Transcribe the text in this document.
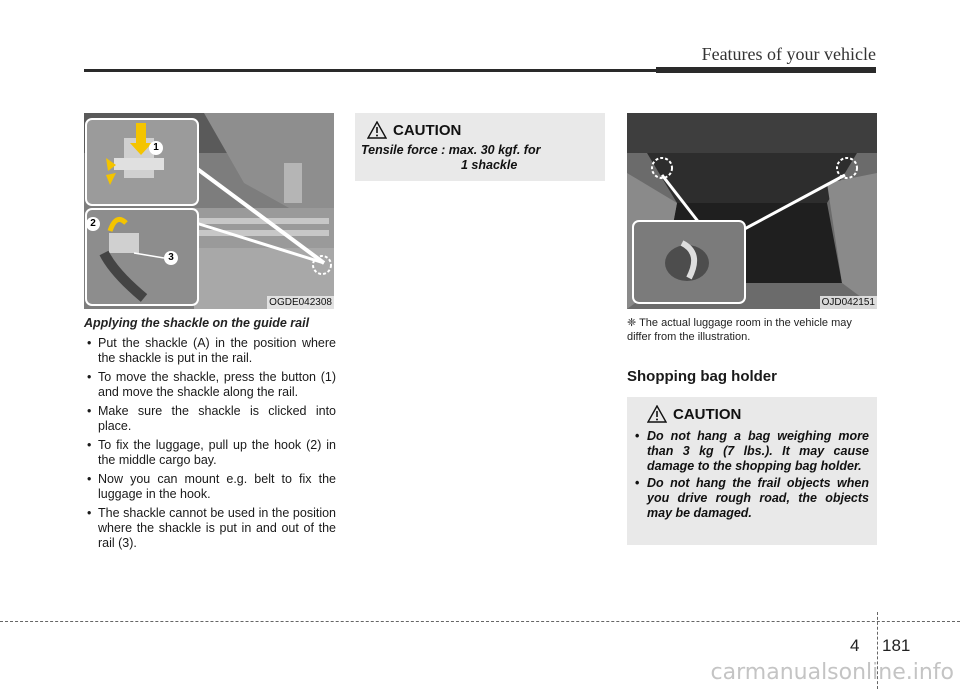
Features of your vehicle
1
2
3
OGDE042308
Applying the shackle on the guide rail
• Put the shackle (A) in the position where the shackle is put in the rail.
• To move the shackle, press the button (1) and move the shackle along the rail.
• Make sure the shackle is clicked into place.
• To fix the luggage, pull up the hook (2) in the middle cargo bay.
• Now you can mount e.g. belt to fix the luggage in the hook.
• The shackle cannot be used in the position where the shackle is put in and out of the rail (3).
CAUTION
Tensile force : max. 30 kgf. for
1 shackle
OJD042151
❈ The actual luggage room in the vehicle may differ from the illustration.
Shopping bag holder
CAUTION
• Do not hang a bag weighing more than 3 kg (7 lbs.). It may cause damage to the shopping bag holder.
• Do not hang the frail objects when you drive rough road, the objects may be damaged.
4 181
carmanualsonline.info
